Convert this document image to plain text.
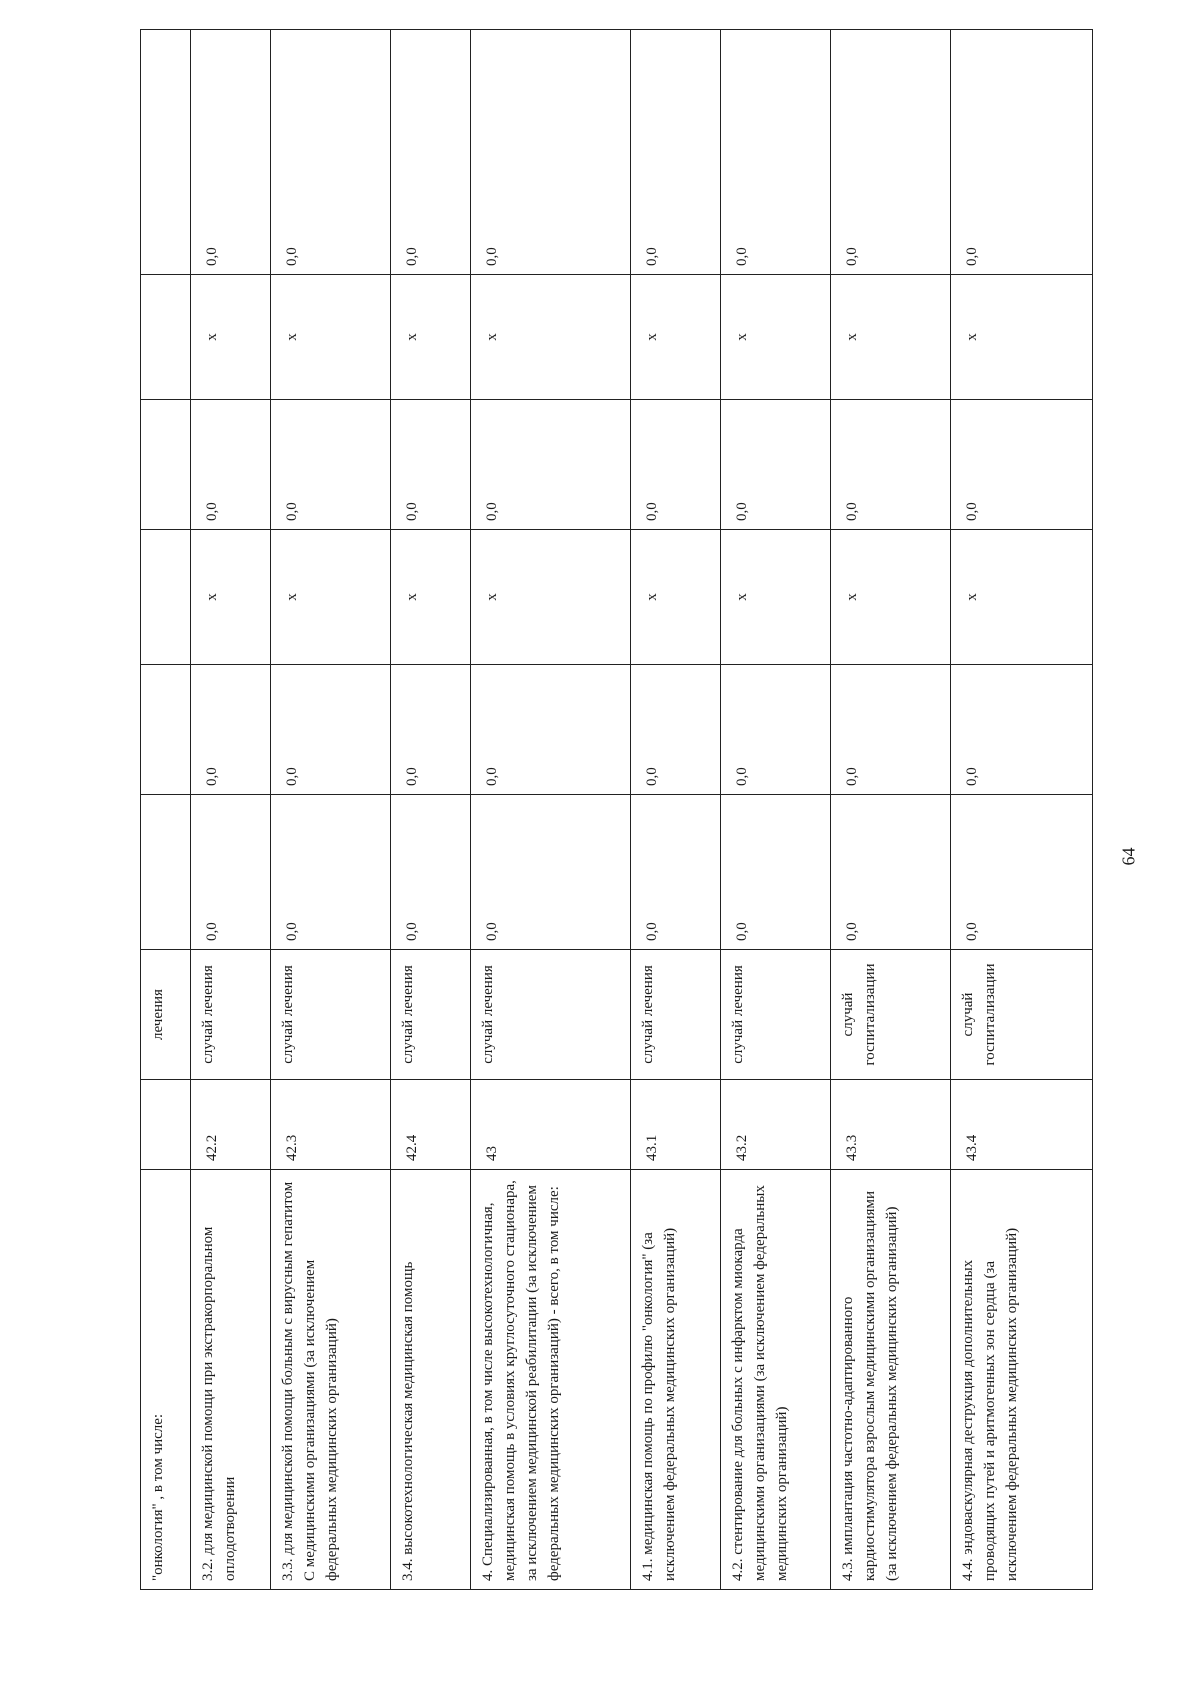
"онкология" , в том числе:		лечения						
3.2. для медицинской помощи при экстракорпоральном оплодотворении	42.2	случай лечения	0,0	0,0	х	0,0	х	0,0
3.3. для медицинской помощи больным с вирусным гепатитом С медицинскими организациями (за исключением федеральных медицинских организаций)	42.3	случай лечения	0,0	0,0	х	0,0	х	0,0
3.4. высокотехнологическая медицинская помощь	42.4	случай лечения	0,0	0,0	х	0,0	х	0,0
4. Специализированная, в том числе высокотехнологичная, медицинская помощь в условиях круглосуточного стационара, за исключением медицинской реабилитации (за исключением федеральных медицинских организаций) - всего, в том числе:	43	случай лечения	0,0	0,0	х	0,0	х	0,0
4.1. медицинская помощь по профилю "онкология" (за исключением федеральных медицинских организаций)	43.1	случай лечения	0,0	0,0	х	0,0	х	0,0
4.2. стентирование для больных с инфарктом миокарда медицинскими организациями (за исключением федеральных медицинских организаций)	43.2	случай лечения	0,0	0,0	х	0,0	х	0,0
4.3. имплантация частотно-адаптированного кардиостимулятора взрослым медицинскими организациями (за исключением федеральных медицинских организаций)	43.3	случай госпитализации	0,0	0,0	х	0,0	х	0,0
4.4. эндоваскулярная деструкция дополнительных проводящих путей и аритмогенных зон сердца (за исключением федеральных медицинских организаций)	43.4	случай госпитализации	0,0	0,0	х	0,0	х	0,0
64
